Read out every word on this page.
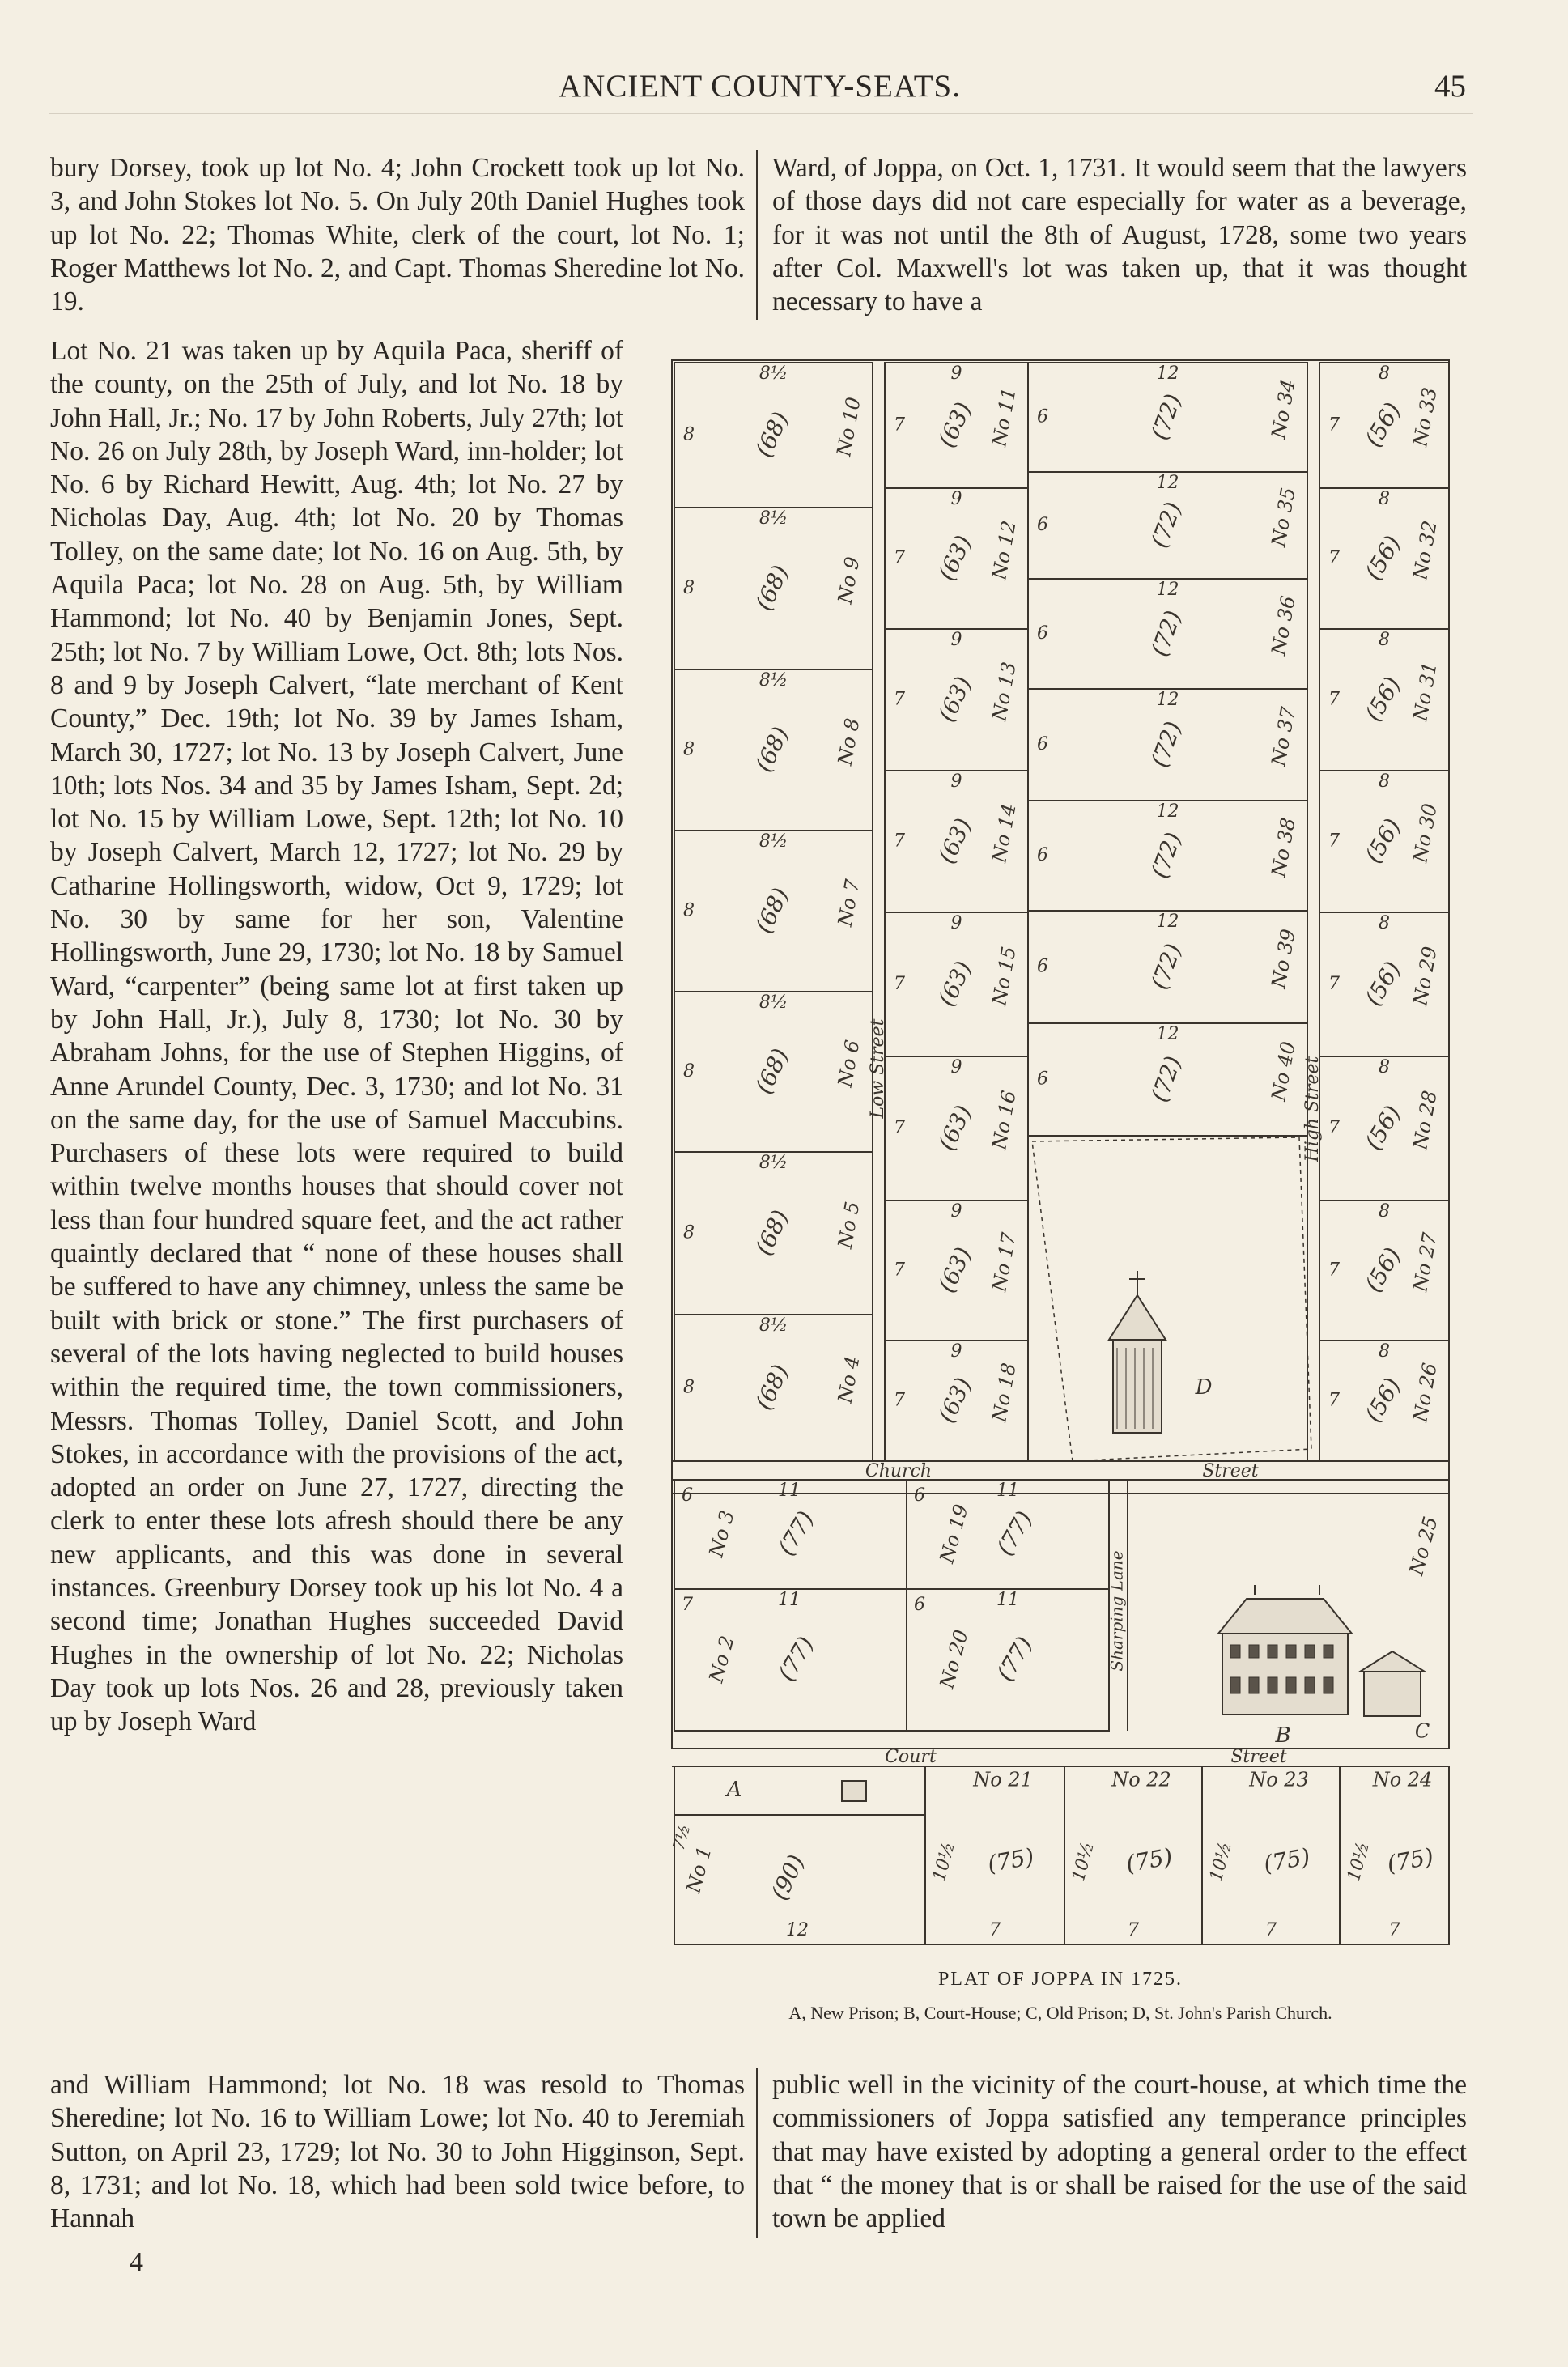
ANCIENT COUNTY-SEATS.	45

bury Dorsey, took up lot No. 4; John Crockett took up lot No. 3, and John Stokes lot No. 5. On July 20th Daniel Hughes took up lot No. 22; Thomas White, clerk of the court, lot No. 1; Roger Matthews lot No. 2, and Capt. Thomas Sheredine lot No. 19.

Ward, of Joppa, on Oct. 1, 1731. It would seem that the lawyers of those days did not care especially for water as a beverage, for it was not until the 8th of August, 1728, some two years after Col. Maxwell's lot was taken up, that it was thought necessary to have a

Lot No. 21 was taken up by Aquila Paca, sheriff of the county, on the 25th of July, and lot No. 18 by John Hall, Jr.; No. 17 by John Roberts, July 27th; lot No. 26 on July 28th, by Joseph Ward, inn-holder; lot No. 6 by Richard Hewitt, Aug. 4th; lot No. 27 by Nicholas Day, Aug. 4th; lot No. 20 by Thomas Tolley, on the same date; lot No. 16 on Aug. 5th, by Aquila Paca; lot No. 28 on Aug. 5th, by William Hammond; lot No. 40 by Benjamin Jones, Sept. 25th; lot No. 7 by William Lowe, Oct. 8th; lots Nos. 8 and 9 by Joseph Calvert, “late merchant of Kent County,” Dec. 19th; lot No. 39 by James Isham, March 30, 1727; lot No. 13 by Joseph Calvert, June 10th; lots Nos. 34 and 35 by James Isham, Sept. 2d; lot No. 15 by William Lowe, Sept. 12th; lot No. 10 by Joseph Calvert, March 12, 1727; lot No. 29 by Catharine Hollingsworth, widow, Oct 9, 1729; lot No. 30 by same for her son, Valentine Hollingsworth, June 29, 1730; lot No. 18 by Samuel Ward, “carpenter” (being same lot at first taken up by John Hall, Jr.), July 8, 1730; lot No. 30 by Abraham Johns, for the use of Stephen Higgins, of Anne Arundel County, Dec. 3, 1730; and lot No. 31 on the same day, for the use of Samuel Maccubins. Purchasers of these lots were required to build within twelve months houses that should cover not less than four hundred square feet, and the act rather quaintly declared that “ none of these houses shall be suffered to have any chimney, unless the same be built with brick or stone.” The first purchasers of several of the lots having neglected to build houses within the required time, the town commissioners, Messrs. Thomas Tolley, Daniel Scott, and John Stokes, in accordance with the provisions of the act, adopted an order on June 27, 1727, directing the clerk to enter these lots afresh should there be any new applicants, and this was done in several instances. Greenbury Dorsey took up his lot No. 4 a second time; Jonathan Hughes succeeded David Hughes in the ownership of lot No. 22; Nicholas Day took up lots Nos. 26 and 28, previously taken up by Joseph Ward

and William Hammond; lot No. 18 was resold to Thomas Sheredine; lot No. 16 to William Lowe; lot No. 40 to Jeremiah Sutton, on April 23, 1729; lot No. 30 to John Higginson, Sept. 8, 1731; and lot No. 18, which had been sold twice before, to Hannah

public well in the vicinity of the court-house, at which time the commissioners of Joppa satisfied any temperance principles that may have existed by adopting a general order to the effect that “ the money that is or shall be raised for the use of the said town be applied

4
8½
8 (68) No 10
8½
8 (68) No 9
8½
8 (68) No 8
8½
8 (68) No 7
8½
8 (68) No 6
8½
8 (68) No 5
8½
8 (68) No 4
9
7 (63) No 11
9
7 (63) No 12
9
7 (63) No 13
9
7 (63) No 14
9
7 (63) No 15
9
7 (63) No 16
9
7 (63) No 17
9
7 (63) No 18
12
6	(72)	No 34
12
6	(72)	No 35
12
6	(72)	No 36
12
6	(72)	No 37
12
6	(72)	No 38
12
6	(72)	No 39
12
6	(72)	No 40
8
7 (56) No 33
8
7 (56) No 32
8
7 (56) No 31
8
7 (56) No 30
8
7 (56) No 29
8
7 (56) No 28
8
7 (56) No 27
8
7 (56) No 26
Low Street	High Street
D
Church	Street
11
(77)
No 3
6	11
(77)
No 19
6
11
(77)
No 2
7	11
(77)
No 20
6	Sharping Lane
No 25
B	C
Court	Street
A
12
(90)
No 1
7½
No 21
(75)
10½
7
No 22
(75)
10½
7
No 23
(75)
10½
7
No 24
(75)
10½
7
PLAT OF JOPPA IN 1725.
A, New Prison; B, Court-House; C, Old Prison; D, St. John's Parish Church.
